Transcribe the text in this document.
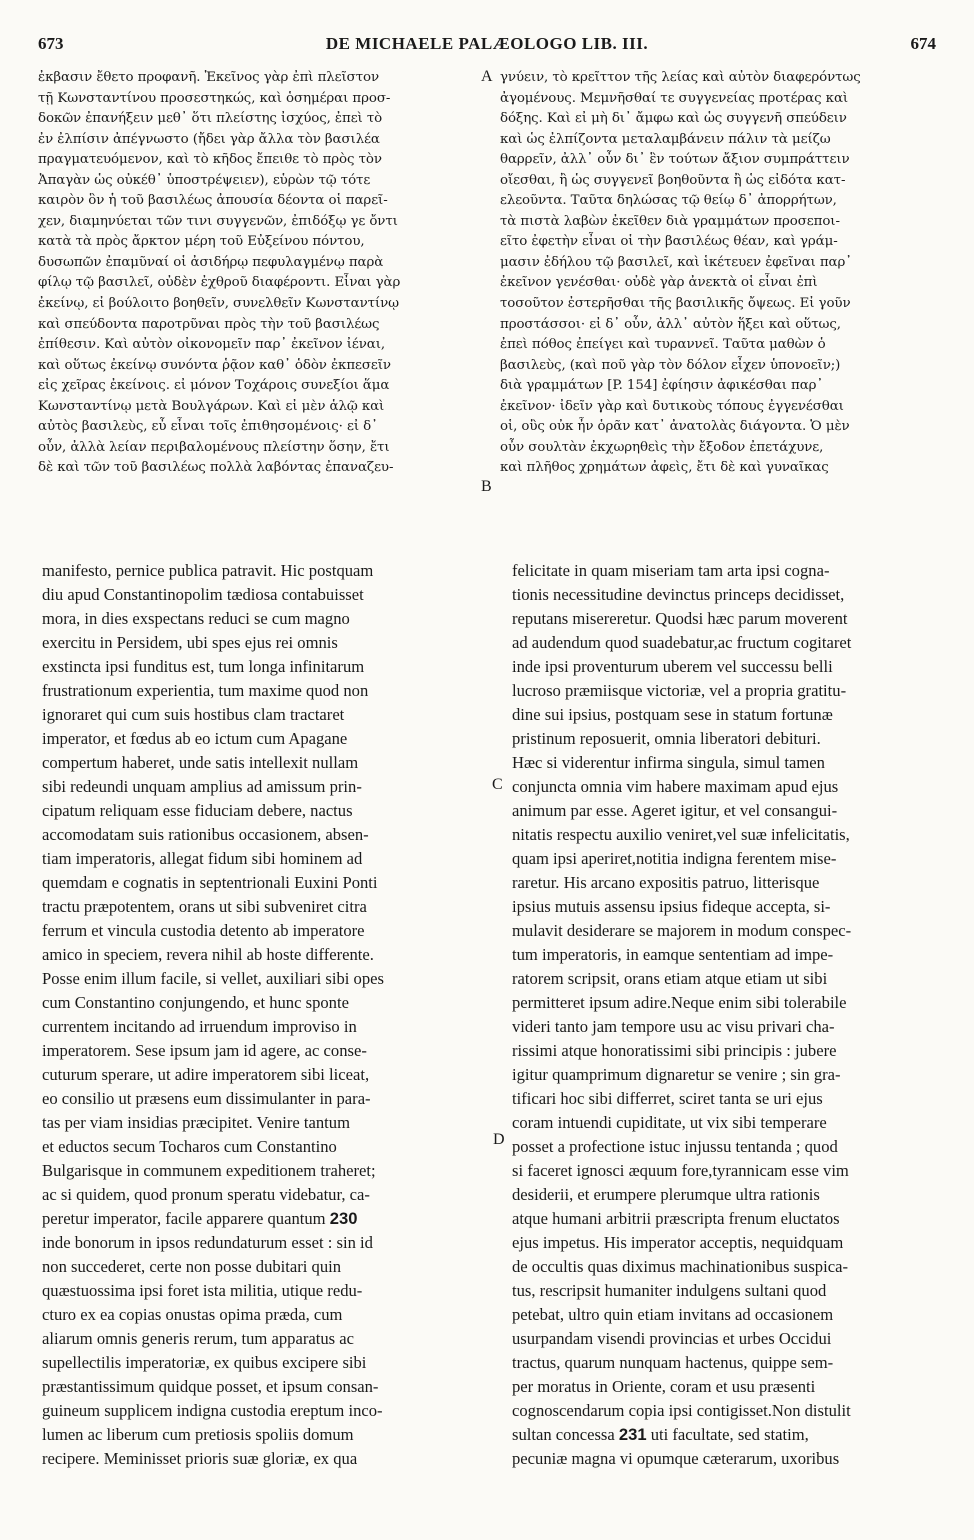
673	DE MICHAELE PALÆOLOGO LIB. III.	674
ἐκβασιν ἔθετο προφανῆ. Ἐκεῖνος γὰρ ἐπὶ πλεῖστον
τῇ Κωνσταντίνου προσεστηκώς, καὶ ὁσημέραι προσ-
δοκῶν ἐπανήξειν μεθ᾽ ὅτι πλείστης ἰσχύος, ἐπεὶ τὸ
ἐν ἐλπίσιν ἀπέγνωστο (ἤδει γὰρ ἄλλα τὸν βασιλέα
πραγματευόμενον, καὶ τὸ κῆδος ἔπειθε τὸ πρὸς τὸν
Ἀπαγὰν ὡς οὐκέθ᾽ ὑποστρέψειεν), εὑρὼν τῷ τότε
καιρὸν ὃν ἡ τοῦ βασιλέως ἀπουσία δέοντα οἱ παρεῖ-
χεν, διαμηνύεται τῶν τινι συγγενῶν, ἐπιδόξῳ γε ὄντι
κατὰ τὰ πρὸς ἄρκτον μέρη τοῦ Εὐξείνου πόντου,
δυσωπῶν ἐπαμῦναί οἱ ἀσιδήρῳ πεφυλαγμένῳ παρὰ
φίλῳ τῷ βασιλεῖ, οὐδὲν ἐχθροῦ διαφέροντι. Εἶναι γὰρ
ἐκείνῳ, εἰ βούλοιτο βοηθεῖν, συνελθεῖν Κωνσταντίνῳ
καὶ σπεύδοντα παροτρῦναι πρὸς τὴν τοῦ βασιλέως
ἐπίθεσιν. Καὶ αὐτὸν οἰκονομεῖν παρ᾽ ἐκεῖνον ἰέναι,
καὶ οὕτως ἐκείνῳ συνόντα ῥᾷον καθ᾽ ὁδὸν ἐκπεσεῖν
εἰς χεῖρας ἐκείνοις. εἰ μόνον Τοχάροις συνεξίοι ἅμα
Κωνσταντίνῳ μετὰ Βουλγάρων. Καὶ εἰ μὲν ἁλῷ καὶ
αὐτὸς βασιλεὺς, εὖ εἶναι τοῖς ἐπιθησομένοις· εἰ δ᾽
οὖν, ἀλλὰ λείαν περιβαλομένους πλείστην ὅσην, ἔτι
δὲ καὶ τῶν τοῦ βασιλέως πολλὰ λαβόντας ἐπαναζευ-
γνύειν, τὸ κρεῖττον τῆς λείας καὶ αὐτὸν διαφερόντως
ἀγομένους. Μεμνῆσθαί τε συγγενείας προτέρας καὶ
δόξης. Καὶ εἰ μὴ δι᾽ ἄμφω καὶ ὡς συγγενῆ σπεύδειν
καὶ ὡς ἐλπίζοντα μεταλαμβάνειν πάλιν τὰ μείζω
θαρρεῖν, ἀλλ᾽ οὖν δι᾽ ἓν τούτων ἄξιον συμπράττειν
οἴεσθαι, ἢ ὡς συγγενεῖ βοηθοῦντα ἢ ὡς εἰδότα κατ-
ελεοῦντα. Ταῦτα δηλώσας τῷ θείῳ δ᾽ ἀπορρήτων,
τὰ πιστὰ λαβὼν ἐκεῖθεν διὰ γραμμάτων προσεποι-
εῖτο ἐφετὴν εἶναι οἱ τὴν βασιλέως θέαν, καὶ γράμ-
μασιν ἐδήλου τῷ βασιλεῖ, καὶ ἱκέτευεν ἐφεῖναι παρ᾽
ἐκεῖνον γενέσθαι· οὐδὲ γὰρ ἀνεκτὰ οἱ εἶναι ἐπὶ
τοσοῦτον ἐστερῆσθαι τῆς βασιλικῆς ὄψεως. Εἰ γοῦν
προστάσσοι· εἰ δ᾽ οὖν, ἀλλ᾽ αὐτὸν ἥξει καὶ οὕτως,
ἐπεὶ πόθος ἐπείγει καὶ τυραννεῖ. Ταῦτα μαθὼν ὁ
βασιλεὺς, (καὶ ποῦ γὰρ τὸν δόλον εἶχεν ὑπονοεῖν;)
διὰ γραμμάτων [P. 154] ἐφίησιν ἀφικέσθαι παρ᾽
ἐκεῖνον· ἰδεῖν γὰρ καὶ δυτικοὺς τόπους ἐγγενέσθαι
οἱ, οὓς οὐκ ἦν ὁρᾶν κατ᾽ ἀνατολὰς διάγοντα. Ὁ μὲν
οὖν σουλτὰν ἐκχωρηθεὶς τὴν ἔξοδον ἐπετάχυνε,
καὶ πλῆθος χρημάτων ἀφεὶς, ἔτι δὲ καὶ γυναῖκας
manifesto, pernice publica patravit. Hic postquam
diu apud Constantinopolim tædiosa contabuisset
mora, in dies exspectans reduci se cum magno
exercitu in Persidem, ubi spes ejus rei omnis
exstincta ipsi funditus est, tum longa infinitarum
frustrationum experientia, tum maxime quod non
ignoraret qui cum suis hostibus clam tractaret
imperator, et fœdus ab eo ictum cum Apagane
compertum haberet, unde satis intellexit nullam
sibi redeundi unquam amplius ad amissum prin-
cipatum reliquam esse fiduciam debere, nactus
accomodatam suis rationibus occasionem, absen-
tiam imperatoris, allegat fidum sibi hominem ad
quemdam e cognatis in septentrionali Euxini Ponti
tractu præpotentem, orans ut sibi subveniret citra
ferrum et vincula custodia detento ab imperatore
amico in speciem, revera nihil ab hoste differente.
Posse enim illum facile, si vellet, auxiliari sibi opes
cum Constantino conjungendo, et hunc sponte
currentem incitando ad irruendum improviso in
imperatorem. Sese ipsum jam id agere, ac conse-
cuturum sperare, ut adire imperatorem sibi liceat,
eo consilio ut præsens eum dissimulanter in para-
tas per viam insidias præcipitet. Venire tantum
et eductos secum Tocharos cum Constantino
Bulgarisque in communem expeditionem traheret;
ac si quidem, quod pronum speratu videbatur, ca-
peretur imperator, facile apparere quantum 230
inde bonorum in ipsos redundaturum esset : sin id
non succederet, certe non posse dubitari quin
quæstuossima ipsi foret ista militia, utique redu-
cturo ex ea copias onustas opima præda, cum
aliarum omnis generis rerum, tum apparatus ac
supellectilis imperatoriæ, ex quibus excipere sibi
præstantissimum quidque posset, et ipsum consan-
guineum supplicem indigna custodia ereptum inco-
lumen ac liberum cum pretiosis spoliis domum
recipere. Meminisset prioris suæ gloriæ, ex qua
felicitate in quam miseriam tam arta ipsi cogna-
tionis necessitudine devinctus princeps decidisset,
reputans misereretur. Quodsi hæc parum moverent
ad audendum quod suadebatur,ac fructum cogitaret
inde ipsi proventurum uberem vel successu belli
lucroso præmiisque victoriæ, vel a propria gratitu-
dine sui ipsius, postquam sese in statum fortunæ
pristinum reposuerit, omnia liberatori debituri.
Hæc si viderentur infirma singula, simul tamen
conjuncta omnia vim habere maximam apud ejus
animum par esse. Ageret igitur, et vel consangui-
nitatis respectu auxilio veniret,vel suæ infelicitatis,
quam ipsi aperiret,notitia indigna ferentem mise-
raretur. His arcano expositis patruo, litterisque
ipsius mutuis assensu ipsius fideque accepta, si-
mulavit desiderare se majorem in modum conspec-
tum imperatoris, in eamque sententiam ad impe-
ratorem scripsit, orans etiam atque etiam ut sibi
permitteret ipsum adire.Neque enim sibi tolerabile
videri tanto jam tempore usu ac visu privari cha-
rissimi atque honoratissimi sibi principis : jubere
igitur quamprimum dignaretur se venire ; sin gra-
tificari hoc sibi differret, sciret tanta se uri ejus
coram intuendi cupiditate, ut vix sibi temperare
posset a profectione istuc injussu tentanda ; quod
si faceret ignosci æquum fore,tyrannicam esse vim
desiderii, et erumpere plerumque ultra rationis
atque humani arbitrii præscripta frenum eluctatos
ejus impetus. His imperator acceptis, nequidquam
de occultis quas diximus machinationibus suspica-
tus, rescripsit humaniter indulgens sultani quod
petebat, ultro quin etiam invitans ad occasionem
usurpandam visendi provincias et urbes Occidui
tractus, quarum nunquam hactenus, quippe sem-
per moratus in Oriente, coram et usu præsenti
cognoscendarum copia ipsi contigisset.Non distulit
sultan concessa 231 uti facultate, sed statim,
pecuniæ magna vi opumque cæterarum, uxoribus
A
B
C
D
